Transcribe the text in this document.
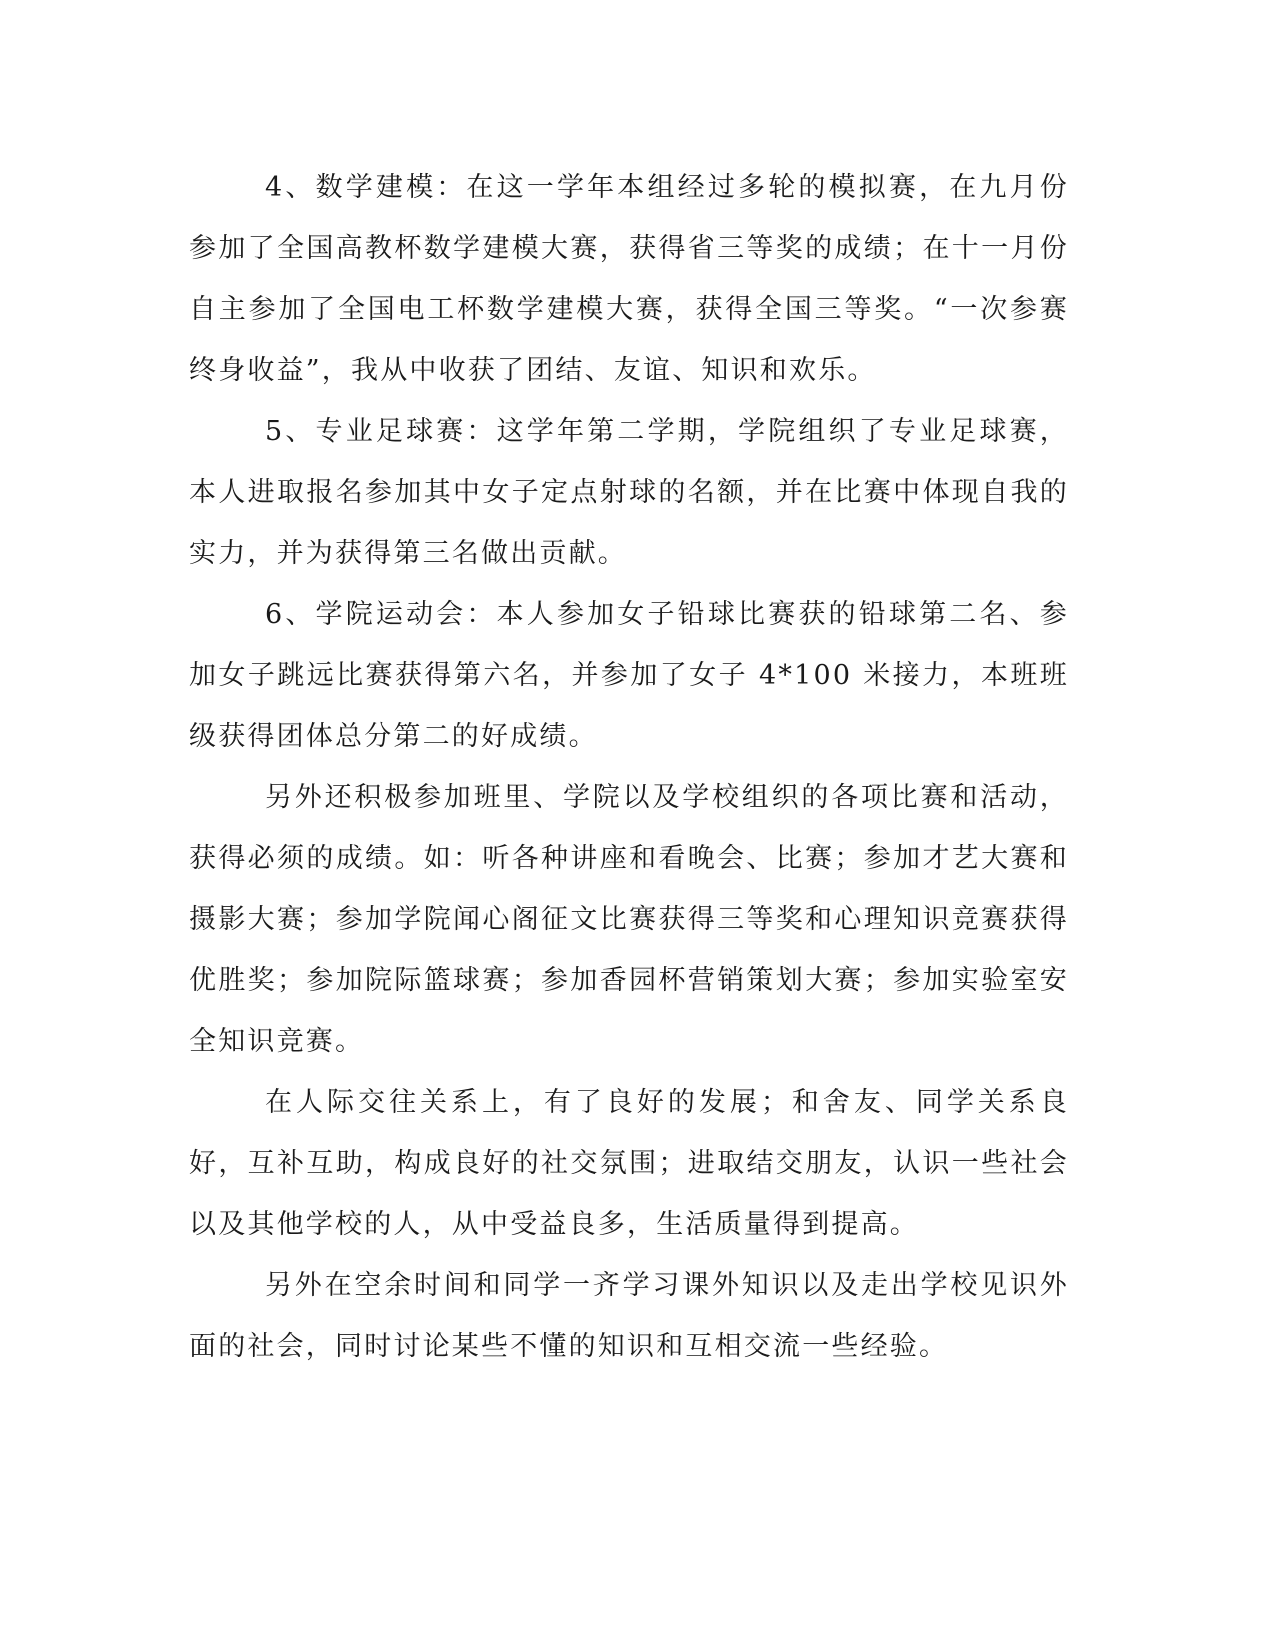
4、数学建模：在这一学年本组经过多轮的模拟赛，在九月份参加了全国高教杯数学建模大赛，获得省三等奖的成绩；在十一月份自主参加了全国电工杯数学建模大赛，获得全国三等奖。“一次参赛终身收益”，我从中收获了团结、友谊、知识和欢乐。

5、专业足球赛：这学年第二学期，学院组织了专业足球赛，本人进取报名参加其中女子定点射球的名额，并在比赛中体现自我的实力，并为获得第三名做出贡献。

6、学院运动会：本人参加女子铅球比赛获的铅球第二名、参加女子跳远比赛获得第六名，并参加了女子 4*100 米接力，本班班级获得团体总分第二的好成绩。

另外还积极参加班里、学院以及学校组织的各项比赛和活动，获得必须的成绩。如：听各种讲座和看晚会、比赛；参加才艺大赛和摄影大赛；参加学院闻心阁征文比赛获得三等奖和心理知识竞赛获得优胜奖；参加院际篮球赛；参加香园杯营销策划大赛；参加实验室安全知识竞赛。

在人际交往关系上，有了良好的发展；和舍友、同学关系良好，互补互助，构成良好的社交氛围；进取结交朋友，认识一些社会以及其他学校的人，从中受益良多，生活质量得到提高。

另外在空余时间和同学一齐学习课外知识以及走出学校见识外面的社会，同时讨论某些不懂的知识和互相交流一些经验。
